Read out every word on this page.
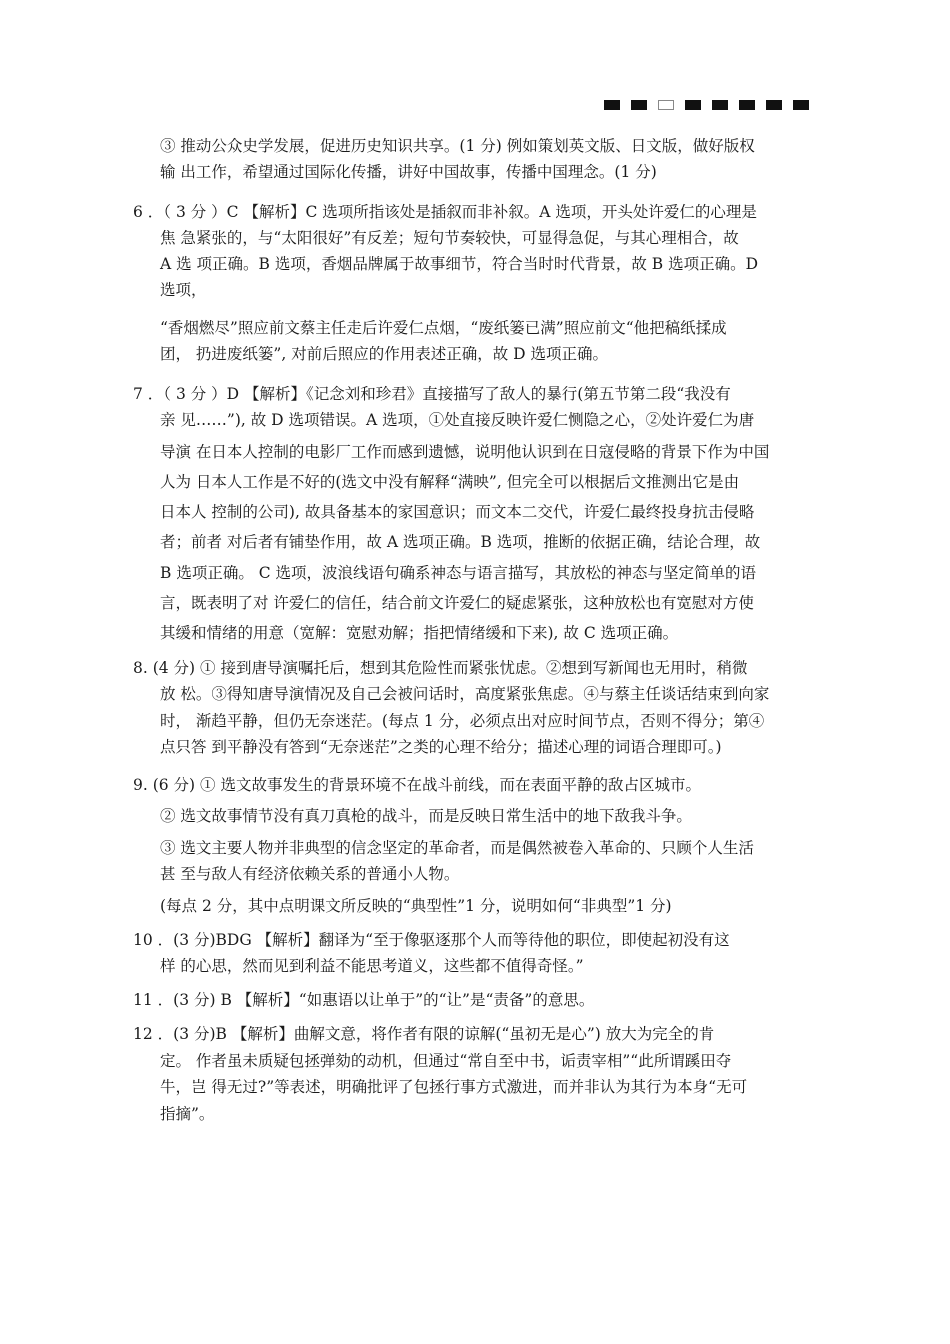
③ 推动公众史学发展，促进历史知识共享。(1 分) 例如策划英文版、日文版，做好版权
输 出工作，希望通过国际化传播，讲好中国故事，传播中国理念。(1 分)
6 ．（ 3 分 ）C 【解析】C 选项所指该处是插叙而非补叙。A 选项，开头处许爱仁的心理是
焦 急紧张的，与“太阳很好”有反差；短句节奏较快，可显得急促，与其心理相合，故
A 选 项正确。B 选项，香烟品牌属于故事细节，符合当时时代背景，故 B 选项正确。D
选项，
“香烟燃尽”照应前文蔡主任走后许爱仁点烟，“废纸篓已满”照应前文“他把稿纸揉成
团， 扔进废纸篓”, 对前后照应的作用表述正确，故 D 选项正确。
7 ．（ 3 分 ）D 【解析】《记念刘和珍君》直接描写了敌人的暴行(第五节第二段“我没有
亲 见……”), 故 D 选项错误。A 选项，①处直接反映许爱仁恻隐之心，②处许爱仁为唐
导演 在日本人控制的电影厂工作而感到遗憾，说明他认识到在日寇侵略的背景下作为中国
人为 日本人工作是不好的(选文中没有解释“满映”, 但完全可以根据后文推测出它是由
日本人 控制的公司), 故具备基本的家国意识；而文本二交代，许爱仁最终投身抗击侵略
者；前者 对后者有铺垫作用，故 A 选项正确。B 选项，推断的依据正确，结论合理，故
B 选项正确。 C 选项，波浪线语句确系神态与语言描写，其放松的神态与坚定简单的语
言，既表明了对 许爱仁的信任，结合前文许爱仁的疑虑紧张，这种放松也有宽慰对方使
其缓和情绪的用意（宽解：宽慰劝解；指把情绪缓和下来), 故 C 选项正确。
8. (4 分) ① 接到唐导演嘱托后，想到其危险性而紧张忧虑。②想到写新闻也无用时，稍微
放 松。③得知唐导演情况及自己会被问话时，高度紧张焦虑。④与蔡主任谈话结束到向家
时， 渐趋平静，但仍无奈迷茫。(每点 1 分，必须点出对应时间节点，否则不得分；第④
点只答 到平静没有答到“无奈迷茫”之类的心理不给分；描述心理的词语合理即可。)
9. (6 分) ① 选文故事发生的背景环境不在战斗前线，而在表面平静的敌占区城市。
② 选文故事情节没有真刀真枪的战斗，而是反映日常生活中的地下敌我斗争。
③ 选文主要人物并非典型的信念坚定的革命者，而是偶然被卷入革命的、只顾个人生活
甚 至与敌人有经济依赖关系的普通小人物。
(每点 2 分，其中点明课文所反映的“典型性”1 分，说明如何“非典型”1 分)
10 ．(3 分)BDG 【解析】翻译为“至于像驱逐那个人而等待他的职位，即使起初没有这
样 的心思，然而见到利益不能思考道义，这些都不值得奇怪。”
11 ．(3 分) B 【解析】“如惠语以让单于”的“让”是“责备”的意思。
12 ．(3 分)B 【解析】曲解文意，将作者有限的谅解(“虽初无是心”) 放大为完全的肯
定。 作者虽未质疑包拯弹劾的动机，但通过“常自至中书，诟责宰相”“此所谓蹊田夺
牛，岂 得无过?”等表述，明确批评了包拯行事方式激进，而并非认为其行为本身“无可
指摘”。
